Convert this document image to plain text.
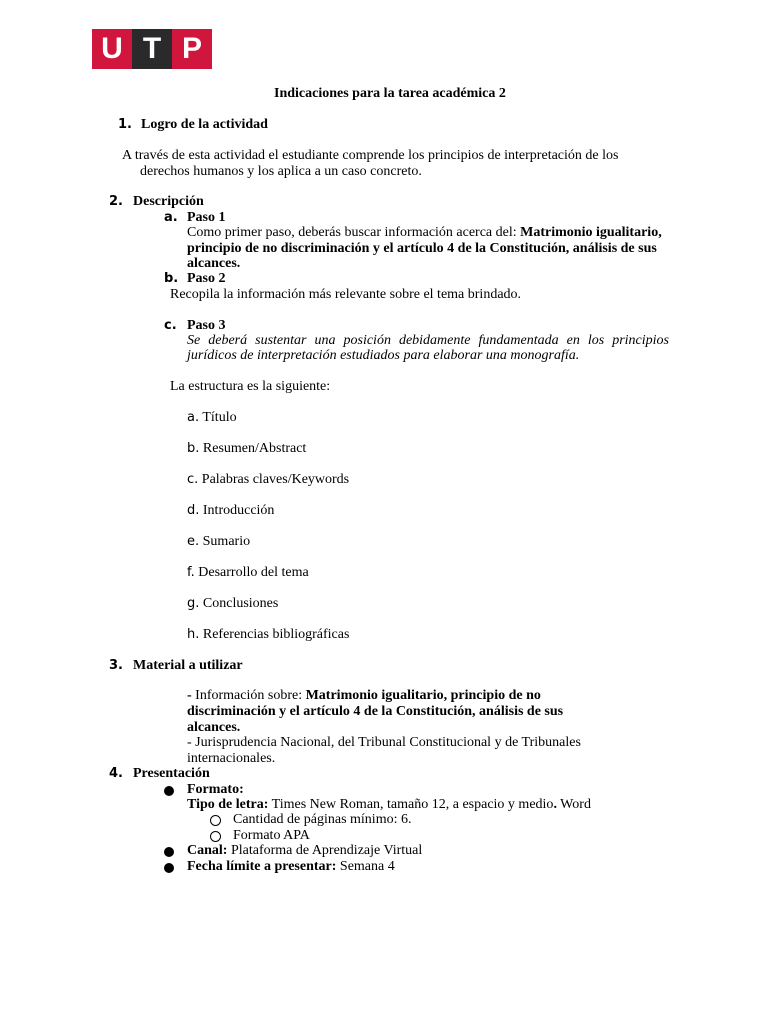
U T P
Indicaciones para la tarea académica 2
1. Logro de la actividad
A través de esta actividad el estudiante comprende los principios de interpretación de los
derechos humanos y los aplica a un caso concreto.
2. Descripción
a. Paso 1
Como primer paso, deberás buscar información acerca del: Matrimonio igualitario,
principio de no discriminación y el artículo 4 de la Constitución, análisis de sus
alcances.
b. Paso 2
Recopila la información más relevante sobre el tema brindado.
c. Paso 3
Se deberá sustentar una posición debidamente fundamentada en los principios
jurídicos de interpretación estudiados para elaborar una monografía.
La estructura es la siguiente:
a. Título
b. Resumen/Abstract
c. Palabras claves/Keywords
d. Introducción
e. Sumario
f. Desarrollo del tema
g. Conclusiones
h. Referencias bibliográficas
3. Material a utilizar
- Información sobre: Matrimonio igualitario, principio de no
discriminación y el artículo 4 de la Constitución, análisis de sus
alcances.
- Jurisprudencia Nacional, del Tribunal Constitucional y de Tribunales
internacionales.
4. Presentación
Formato:
Tipo de letra: Times New Roman, tamaño 12, a espacio y medio. Word
Cantidad de páginas mínimo: 6.
Formato APA
Canal: Plataforma de Aprendizaje Virtual
Fecha límite a presentar: Semana 4
